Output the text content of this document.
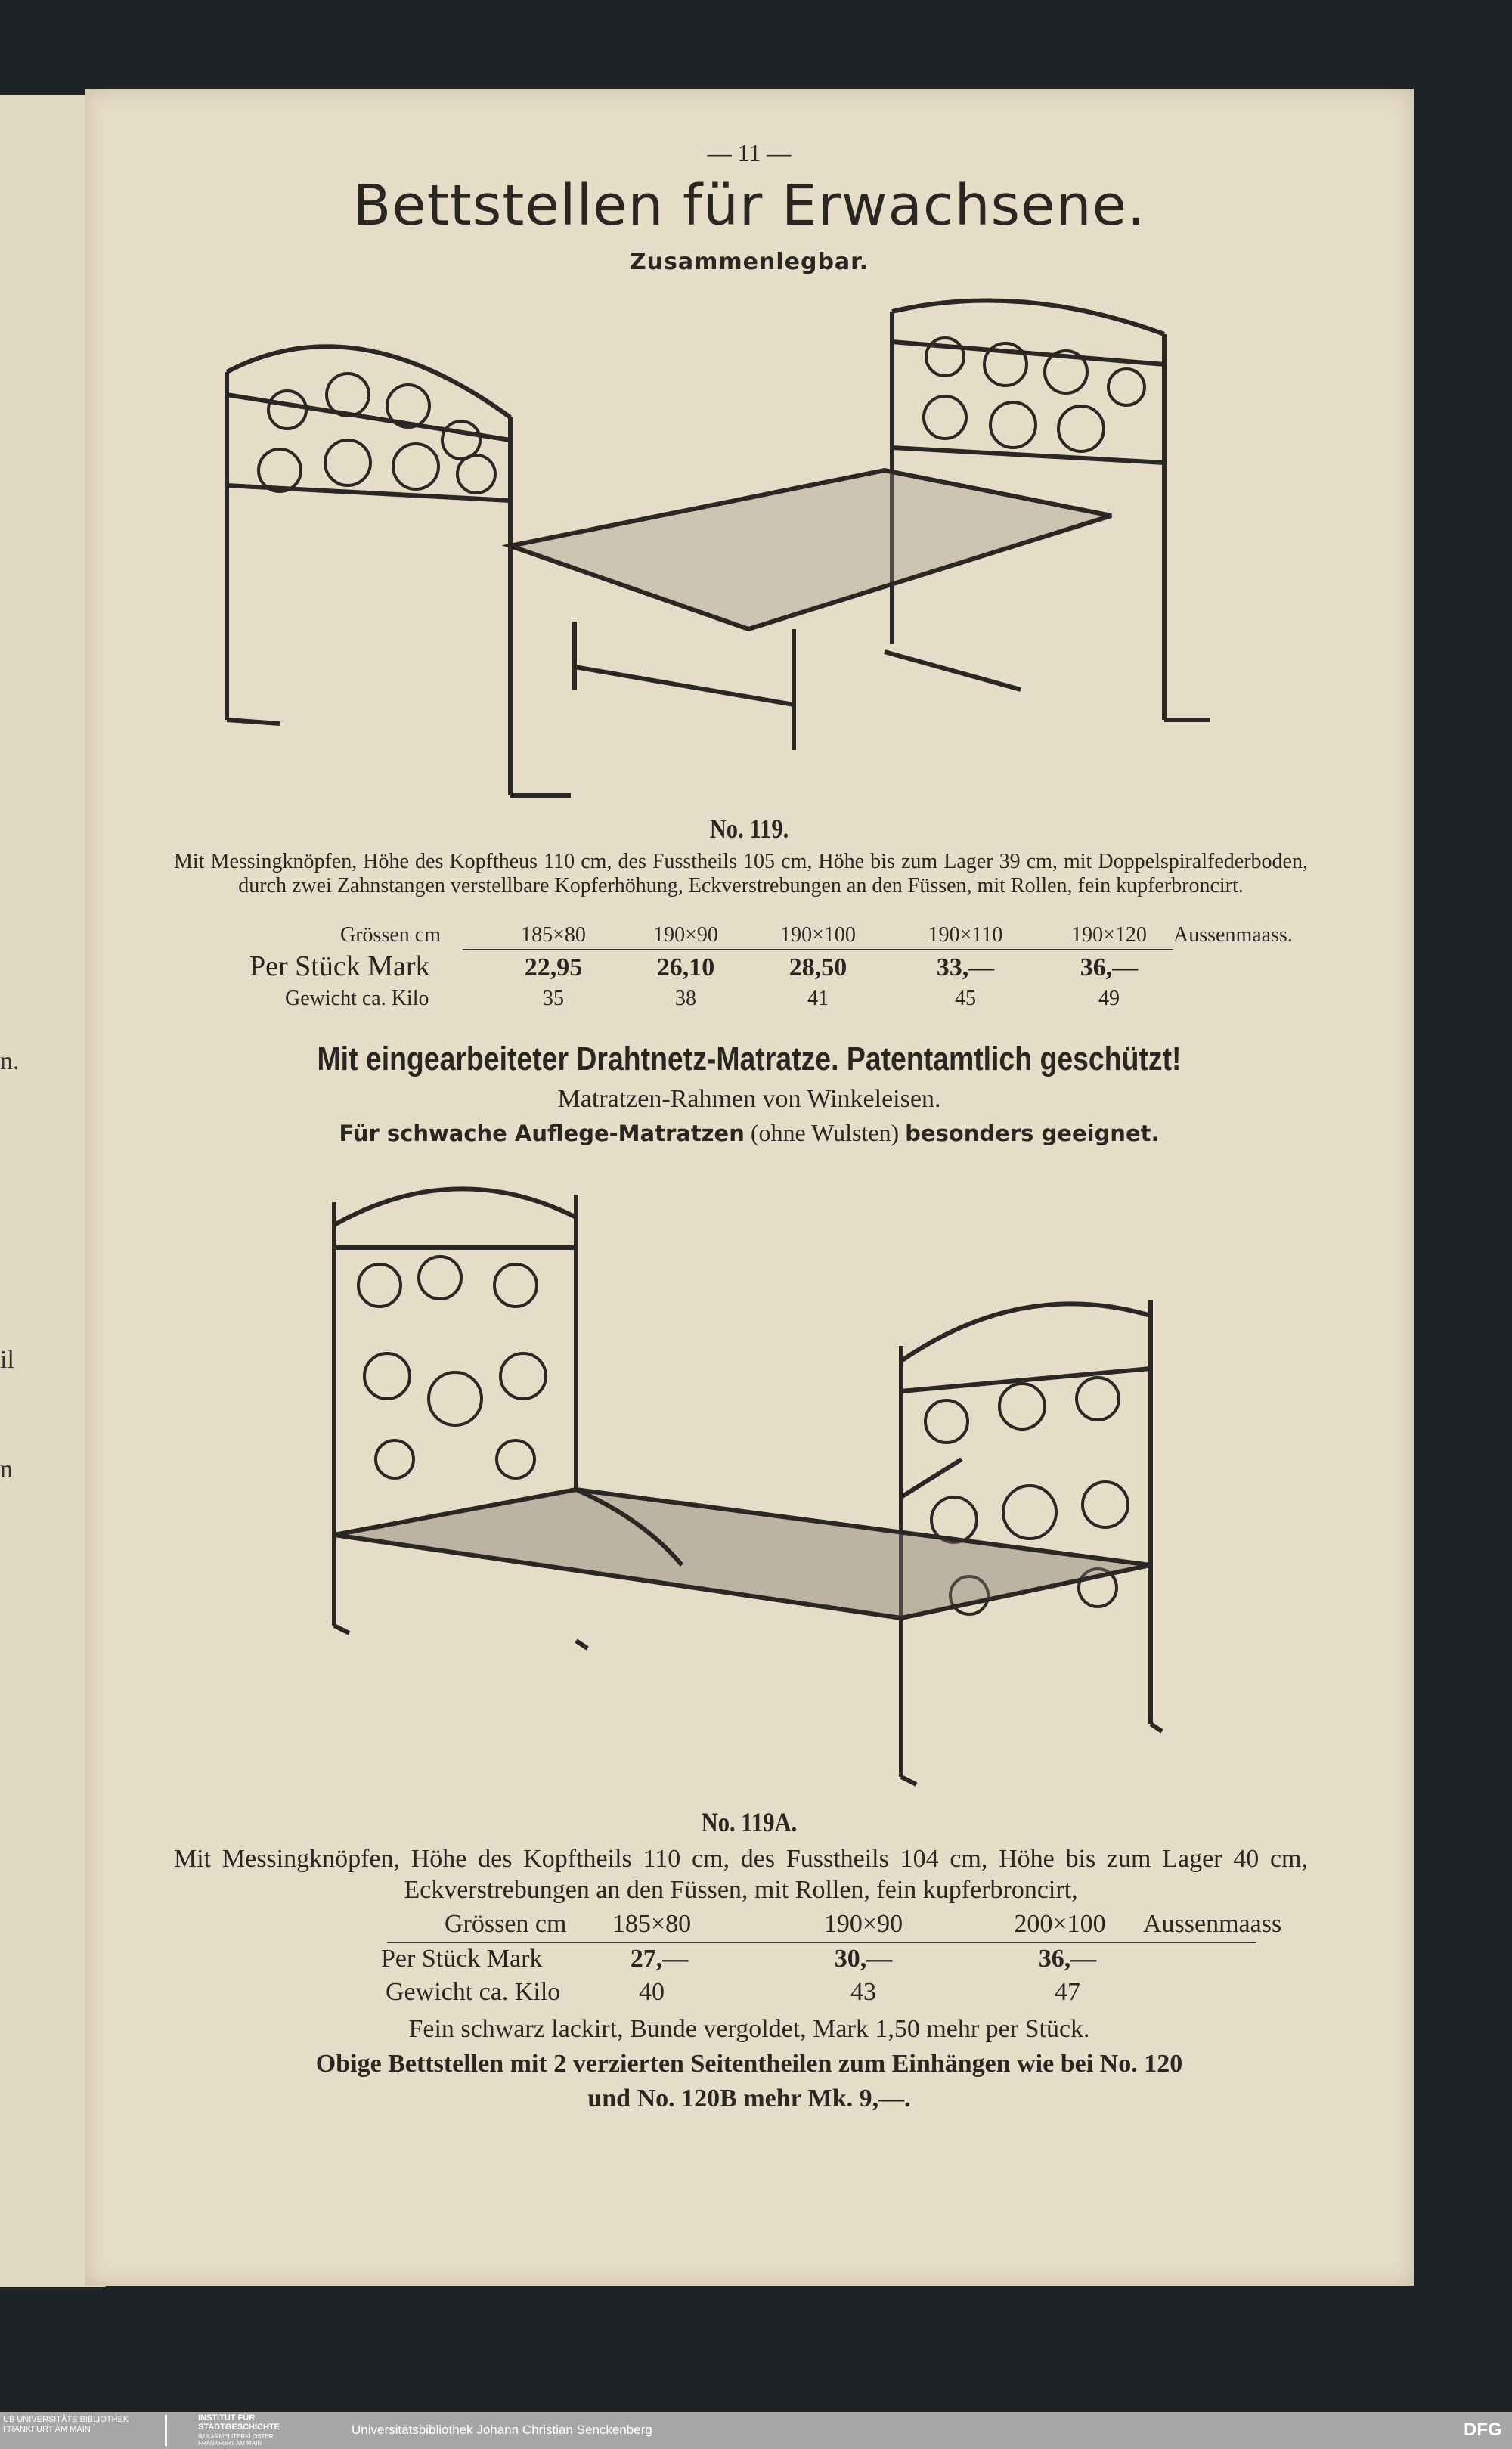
n.
il
n
— 11 —
Bettstellen für Erwachsene.
Zusammenlegbar.
No. 119.
Mit Messingknöpfen, Höhe des Kopftheus 110 cm, des Fusstheils 105 cm, Höhe bis zum Lager 39 cm, mit Doppelspiralfederboden, durch zwei Zahnstangen verstellbare Kopferhöhung, Eckverstrebungen an den Füssen, mit Rollen, fein kupferbroncirt.
Grössen cm	185×80	190×90	190×100	190×110	190×120	Aussenmaass.
Per Stück Mark	22,95	26,10	28,50	33,—	36,—
Gewicht ca. Kilo	35	38	41	45	49
Mit eingearbeiteter Drahtnetz-Matratze. Patentamtlich geschützt!
Matratzen-Rahmen von Winkeleisen.
Für schwache Auflege-Matratzen (ohne Wulsten) besonders geeignet.
No. 119A.
Mit Messingknöpfen, Höhe des Kopftheils 110 cm, des Fusstheils 104 cm, Höhe bis zum Lager 40 cm, Eckverstrebungen an den Füssen, mit Rollen, fein kupferbroncirt,
Grössen cm	185×80	190×90	200×100	Aussenmaass
Per Stück Mark	27,—	30,—	36,—
Gewicht ca. Kilo	40	43	47
Fein schwarz lackirt, Bunde vergoldet, Mark 1,50 mehr per Stück.
Obige Bettstellen mit 2 verzierten Seitentheilen zum Einhängen wie bei No. 120
und No. 120B mehr Mk. 9,—.
UB UNIVERSITÄTS BIBLIOTHEK FRANKFURT AM MAIN
INSTITUT FÜR STADTGESCHICHTE
IM KARMELITERKLOSTER FRANKFURT AM MAIN
Universitätsbibliothek Johann Christian Senckenberg	DFG
